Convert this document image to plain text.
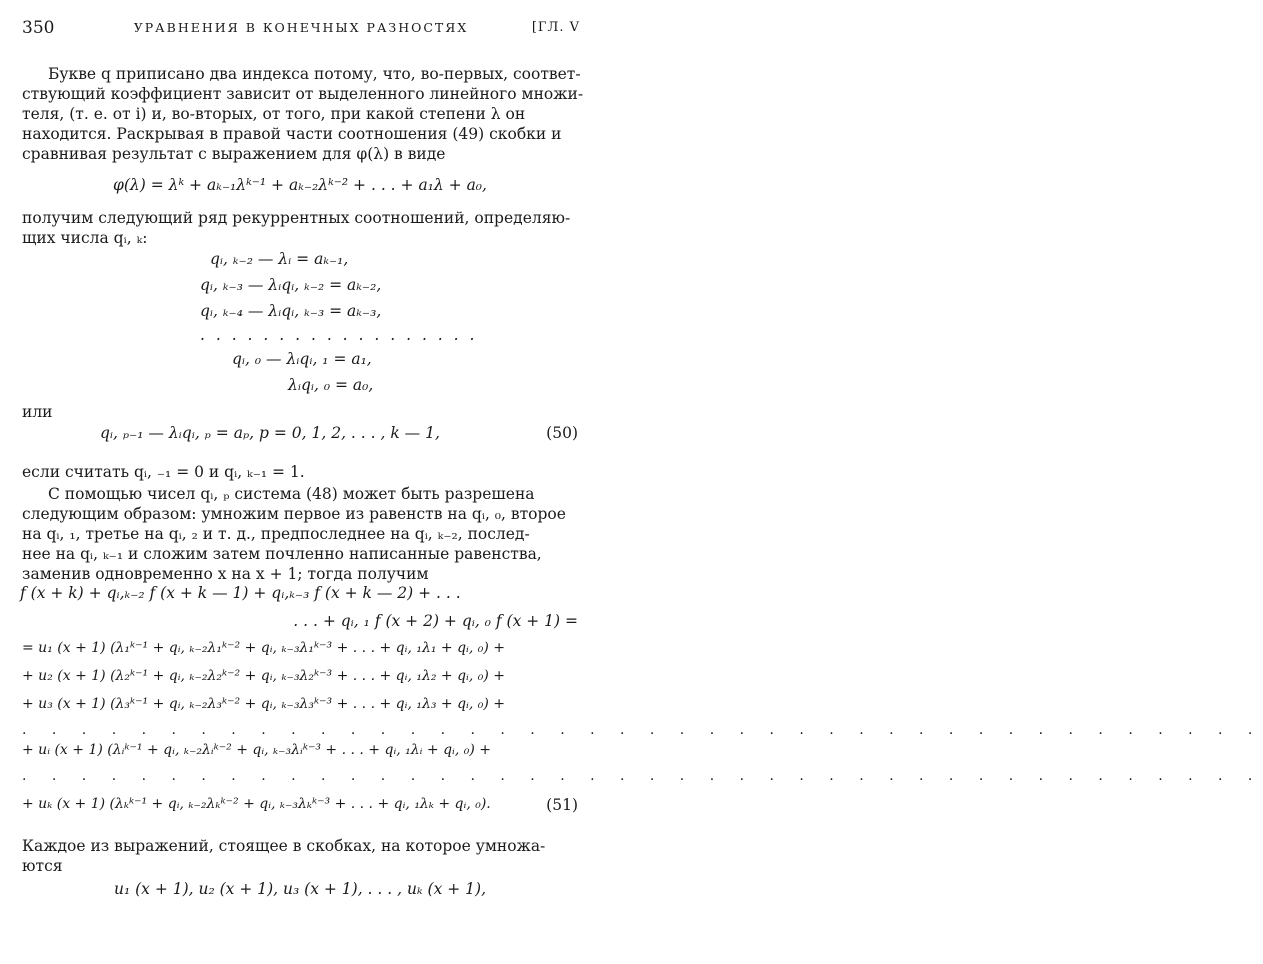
350	УРАВНЕНИЯ В КОНЕЧНЫХ РАЗНОСТЯХ	[ГЛ. V
Букве q приписано два индекса потому, что, во-первых, соответ-
ствующий коэффициент зависит от выделенного линейного множи-
теля, (т. е. от i) и, во-вторых, от того, при какой степени λ он
находится. Раскрывая в правой части соотношения (49) скобки и
сравнивая результат с выражением для φ(λ) в виде
φ(λ) = λᵏ + aₖ₋₁λᵏ⁻¹ + aₖ₋₂λᵏ⁻² + . . . + a₁λ + a₀,
получим следующий ряд рекуррентных соотношений, определяю-
щих числа qᵢ, ₖ:
qᵢ, ₖ₋₂ — λᵢ = aₖ₋₁,
qᵢ, ₖ₋₃ — λᵢqᵢ, ₖ₋₂ = aₖ₋₂,
qᵢ, ₖ₋₄ — λᵢqᵢ, ₖ₋₃ = aₖ₋₃,
. . . . . . . . . . . . . . . . . .
qᵢ, ₀ — λᵢqᵢ, ₁ = a₁,
λᵢqᵢ, ₀ = a₀,
или
qᵢ, ₚ₋₁ — λᵢqᵢ, ₚ = aₚ, p = 0, 1, 2, . . . , k — 1,	(50)
если считать qᵢ, ₋₁ = 0 и qᵢ, ₖ₋₁ = 1.
С помощью чисел qᵢ, ₚ система (48) может быть разрешена
следующим образом: умножим первое из равенств на qᵢ, ₀, второе
на qᵢ, ₁, третье на qᵢ, ₂ и т. д., предпоследнее на qᵢ, ₖ₋₂, послед-
нее на qᵢ, ₖ₋₁ и сложим затем почленно написанные равенства,
заменив одновременно x на x + 1; тогда получим
f (x + k) + qᵢ,ₖ₋₂ f (x + k — 1) + qᵢ,ₖ₋₃ f (x + k — 2) + . . .
. . . + qᵢ, ₁ f (x + 2) + qᵢ, ₀ f (x + 1) =
= u₁ (x + 1) (λ₁ᵏ⁻¹ + qᵢ, ₖ₋₂λ₁ᵏ⁻² + qᵢ, ₖ₋₃λ₁ᵏ⁻³ + . . . + qᵢ, ₁λ₁ + qᵢ, ₀) +
+ u₂ (x + 1) (λ₂ᵏ⁻¹ + qᵢ, ₖ₋₂λ₂ᵏ⁻² + qᵢ, ₖ₋₃λ₂ᵏ⁻³ + . . . + qᵢ, ₁λ₂ + qᵢ, ₀) +
+ u₃ (x + 1) (λ₃ᵏ⁻¹ + qᵢ, ₖ₋₂λ₃ᵏ⁻² + qᵢ, ₖ₋₃λ₃ᵏ⁻³ + . . . + qᵢ, ₁λ₃ + qᵢ, ₀) +
. . . . . . . . . . . . . . . . . . . . . . . . . . . . . . . . . . . . . . . . . .
+ uᵢ (x + 1) (λᵢᵏ⁻¹ + qᵢ, ₖ₋₂λᵢᵏ⁻² + qᵢ, ₖ₋₃λᵢᵏ⁻³ + . . . + qᵢ, ₁λᵢ + qᵢ, ₀) +
. . . . . . . . . . . . . . . . . . . . . . . . . . . . . . . . . . . . . . . . . .
+ uₖ (x + 1) (λₖᵏ⁻¹ + qᵢ, ₖ₋₂λₖᵏ⁻² + qᵢ, ₖ₋₃λₖᵏ⁻³ + . . . + qᵢ, ₁λₖ + qᵢ, ₀).	(51)
Каждое из выражений, стоящее в скобках, на которое умножа-
ются
u₁ (x + 1), u₂ (x + 1), u₃ (x + 1), . . . , uₖ (x + 1),
